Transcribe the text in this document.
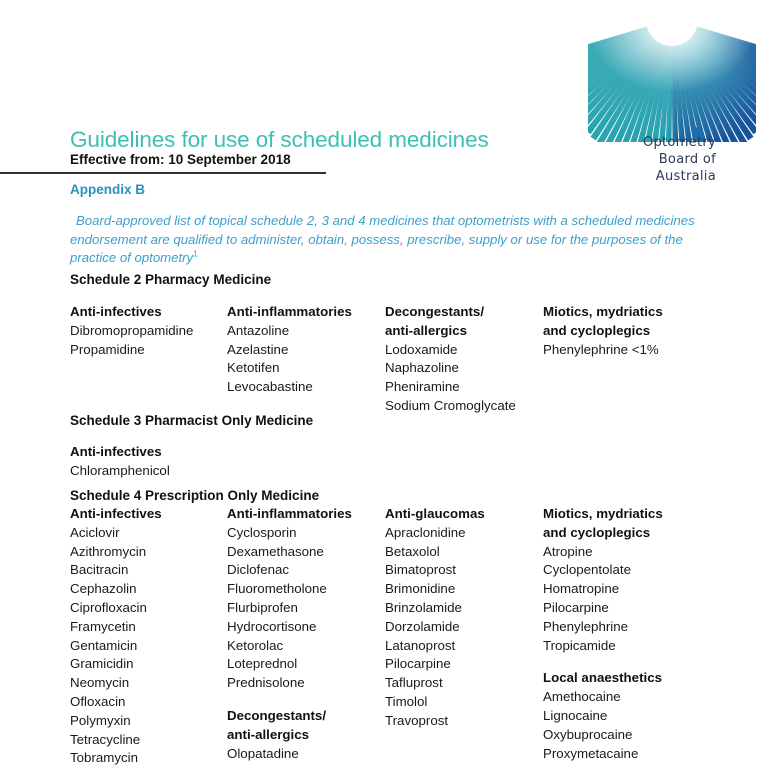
Optometry
Board of
Australia
Guidelines for use of scheduled medicines
Effective from: 10 September 2018
Appendix B
Board-approved list of topical schedule 2, 3 and 4 medicines that optometrists with a scheduled medicines endorsement are qualified to administer, obtain, possess, prescribe, supply or use for the purposes of the practice of optometry$^1$
Schedule 2 Pharmacy Medicine
Schedule 3 Pharmacist Only Medicine
Schedule 4 Prescription Only Medicine
Anti-infectives
Dibromopropamidine
Propamidine
Anti-inflammatories
Antazoline
Azelastine
Ketotifen
Levocabastine
Decongestants/
anti-allergics
Lodoxamide
Naphazoline
Pheniramine
Sodium Cromoglycate
Miotics, mydriatics
and cycloplegics
Phenylephrine <1%
Anti-infectives
Chloramphenicol
Anti-infectives
Aciclovir
Azithromycin
Bacitracin
Cephazolin
Ciprofloxacin
Framycetin
Gentamicin
Gramicidin
Neomycin
Ofloxacin
Polymyxin
Tetracycline
Tobramycin
Anti-inflammatories
Cyclosporin
Dexamethasone
Diclofenac
Fluorometholone
Flurbiprofen
Hydrocortisone
Ketorolac
Loteprednol
Prednisolone
Decongestants/
anti-allergics
Olopatadine
Anti-glaucomas
Apraclonidine
Betaxolol
Bimatoprost
Brimonidine
Brinzolamide
Dorzolamide
Latanoprost
Pilocarpine
Tafluprost
Timolol
Travoprost
Miotics, mydriatics
and cycloplegics
Atropine
Cyclopentolate
Homatropine
Pilocarpine
Phenylephrine
Tropicamide
Local anaesthetics
Amethocaine
Lignocaine
Oxybuprocaine
Proxymetacaine
